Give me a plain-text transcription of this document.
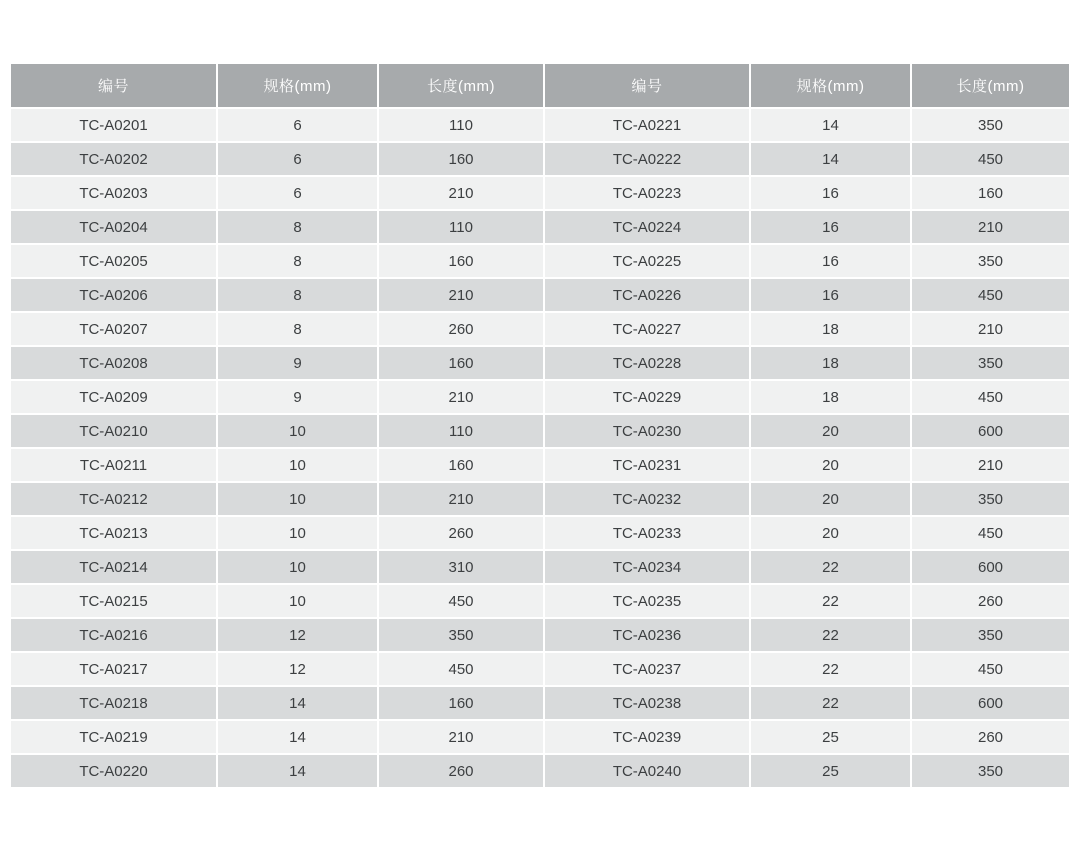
编号	规格(mm)	长度(mm)	编号	规格(mm)	长度(mm)
TC-A0201	6	110	TC-A0221	14	350
TC-A0202	6	160	TC-A0222	14	450
TC-A0203	6	210	TC-A0223	16	160
TC-A0204	8	110	TC-A0224	16	210
TC-A0205	8	160	TC-A0225	16	350
TC-A0206	8	210	TC-A0226	16	450
TC-A0207	8	260	TC-A0227	18	210
TC-A0208	9	160	TC-A0228	18	350
TC-A0209	9	210	TC-A0229	18	450
TC-A0210	10	110	TC-A0230	20	600
TC-A0211	10	160	TC-A0231	20	210
TC-A0212	10	210	TC-A0232	20	350
TC-A0213	10	260	TC-A0233	20	450
TC-A0214	10	310	TC-A0234	22	600
TC-A0215	10	450	TC-A0235	22	260
TC-A0216	12	350	TC-A0236	22	350
TC-A0217	12	450	TC-A0237	22	450
TC-A0218	14	160	TC-A0238	22	600
TC-A0219	14	210	TC-A0239	25	260
TC-A0220	14	260	TC-A0240	25	350
